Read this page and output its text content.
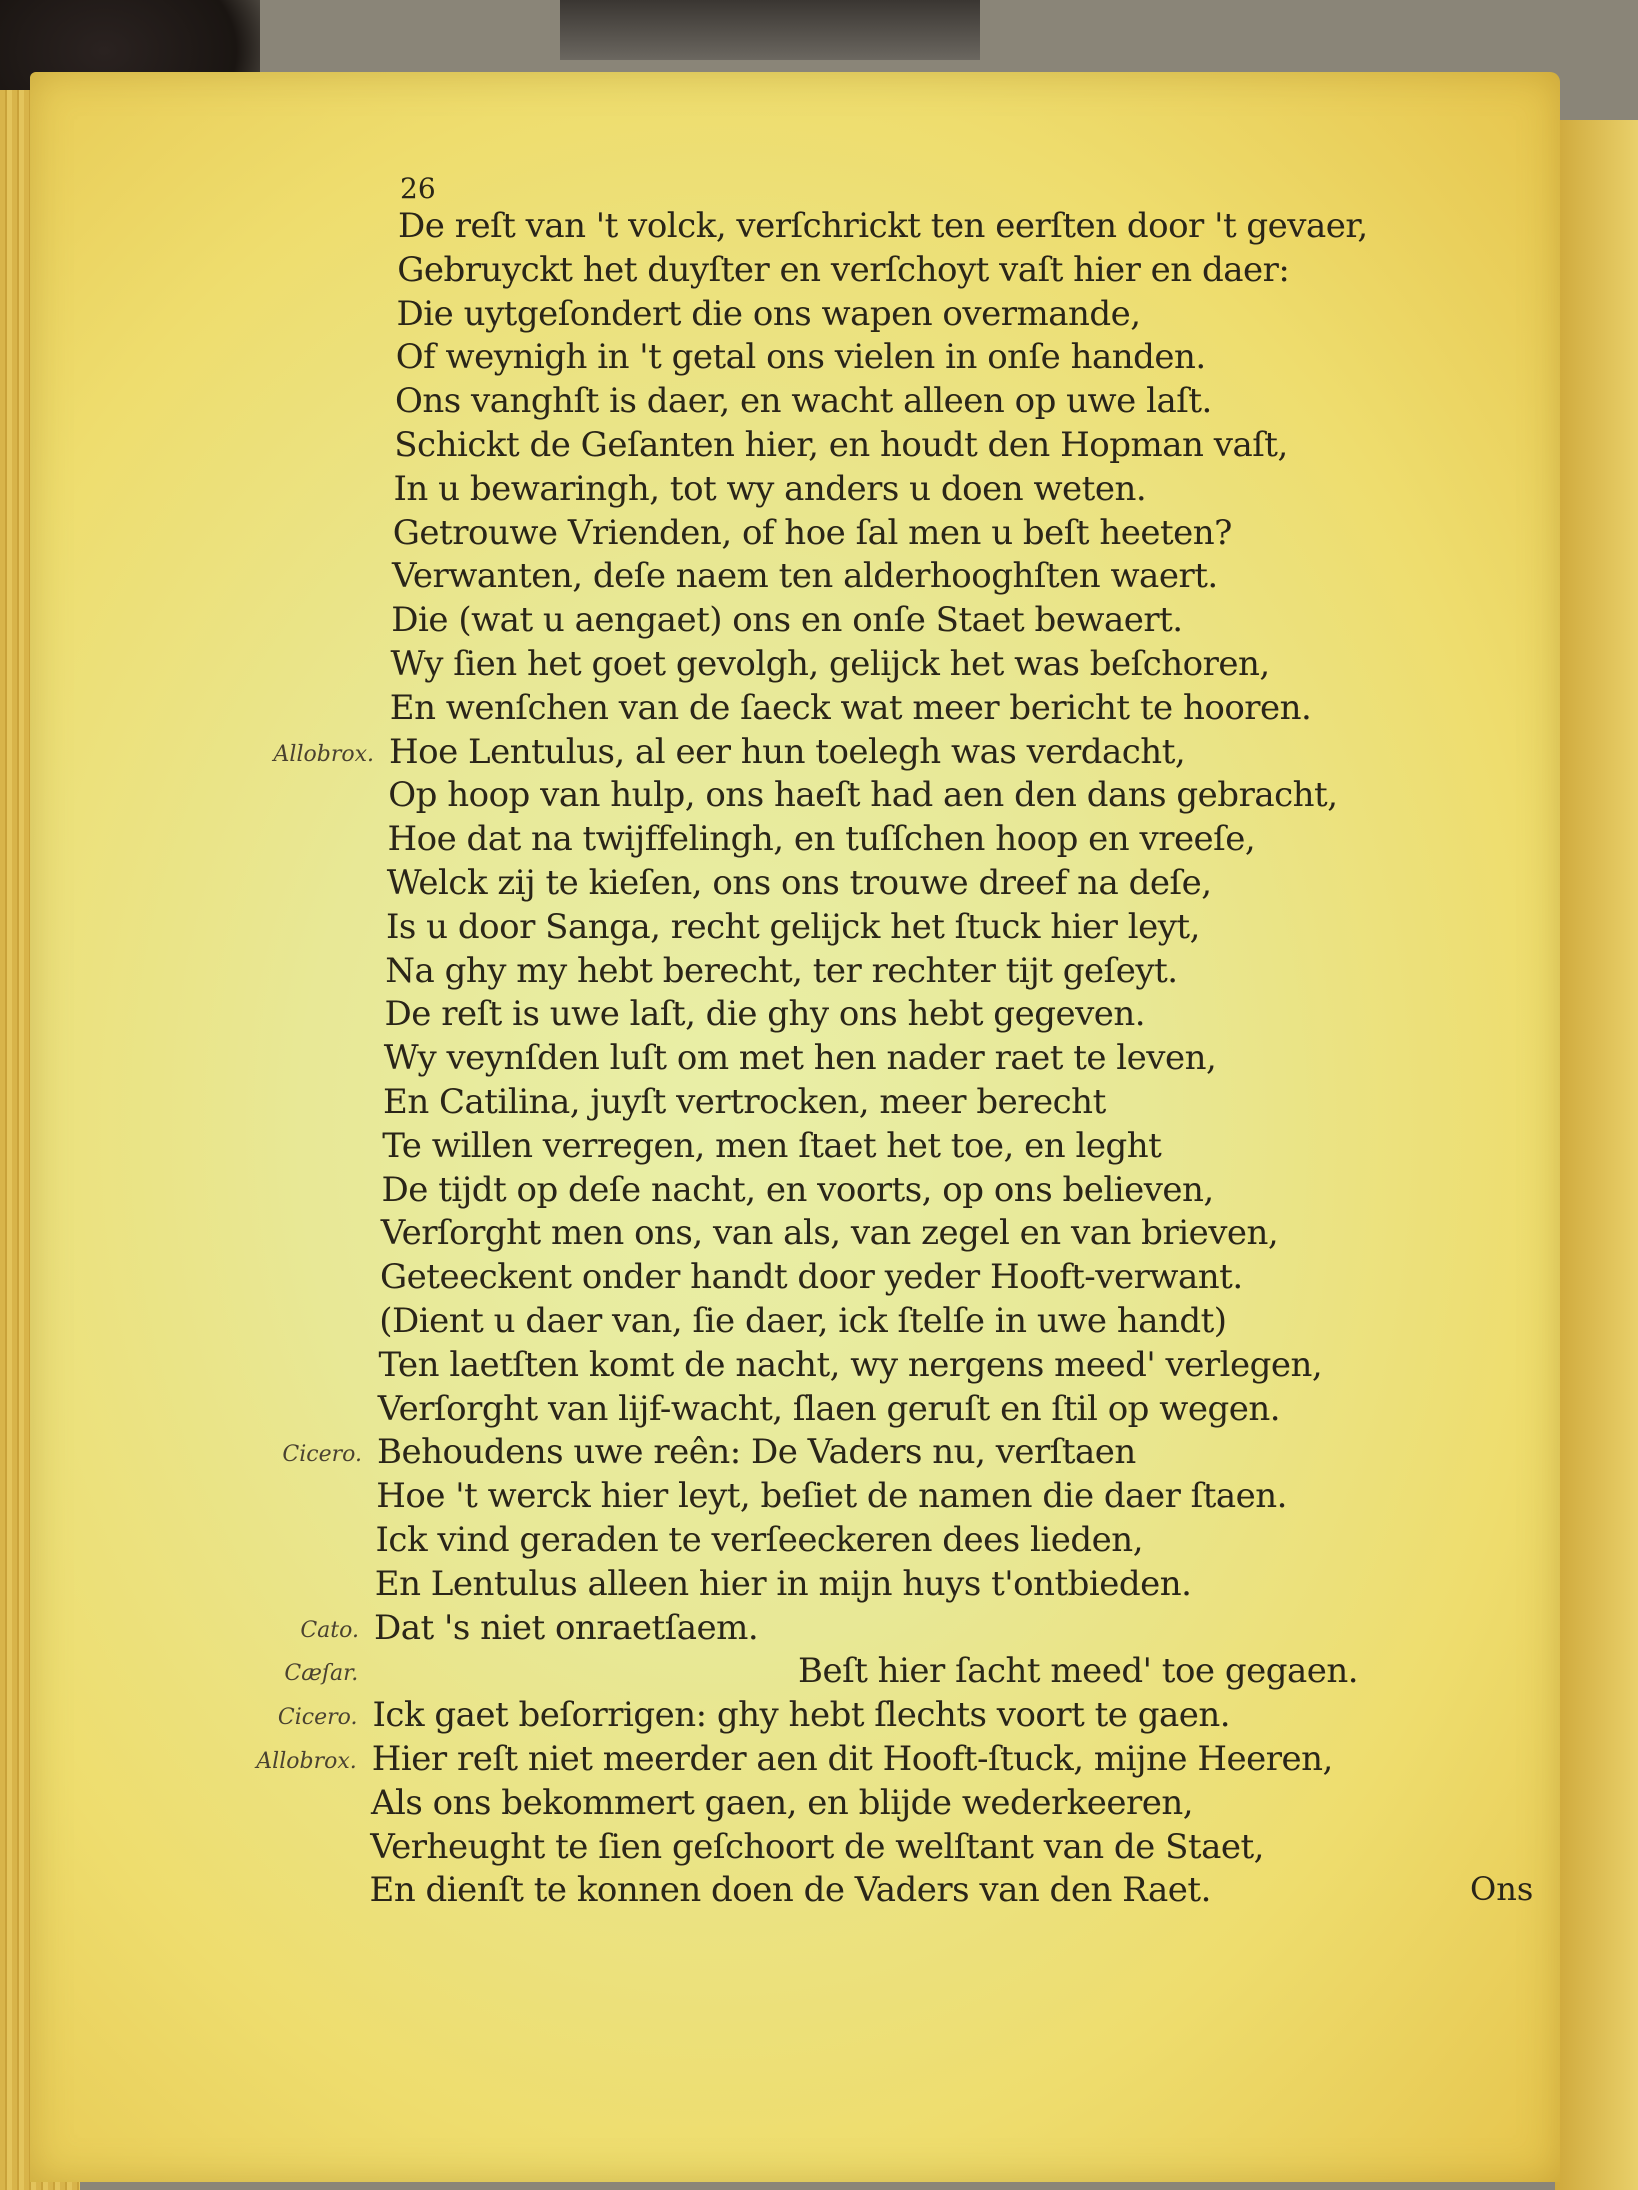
26
De reſt van 't volck, verſchrickt ten eerſten door 't gevaer,
Gebruyckt het duyſter en verſchoyt vaſt hier en daer:
Die uytgeſondert die ons wapen overmande,
Of weynigh in 't getal ons vielen in onſe handen.
Ons vanghſt is daer, en wacht alleen op uwe laſt.
Schickt de Geſanten hier, en houdt den Hopman vaſt,
In u bewaringh, tot wy anders u doen weten.
Getrouwe Vrienden, of hoe ſal men u beſt heeten?
Verwanten, deſe naem ten alderhooghſten waert.
Die (wat u aengaet) ons en onſe Staet bewaert.
Wy ſien het goet gevolgh, gelijck het was beſchoren,
En wenſchen van de ſaeck wat meer bericht te hooren.
Hoe Lentulus, al eer hun toelegh was verdacht,
Allobrox.
Op hoop van hulp, ons haeſt had aen den dans gebracht,
Hoe dat na twijffelingh, en tuſſchen hoop en vreeſe,
Welck zij te kieſen, ons ons trouwe dreef na deſe,
Is u door Sanga, recht gelijck het ſtuck hier leyt,
Na ghy my hebt berecht, ter rechter tijt geſeyt.
De reſt is uwe laſt, die ghy ons hebt gegeven.
Wy veynſden luſt om met hen nader raet te leven,
En Catilina, juyſt vertrocken, meer berecht
Te willen verregen, men ſtaet het toe, en leght
De tijdt op deſe nacht, en voorts, op ons believen,
Verſorght men ons, van als, van zegel en van brieven,
Geteeckent onder handt door yeder Hooft-verwant.
(Dient u daer van, ſie daer, ick ſtelſe in uwe handt)
Ten laetſten komt de nacht, wy nergens meed' verlegen,
Verſorght van lijf-wacht, ſlaen geruſt en ſtil op wegen.
Behoudens uwe reên: De Vaders nu, verſtaen
Cicero.
Hoe 't werck hier leyt, beſiet de namen die daer ſtaen.
Ick vind geraden te verſeeckeren dees lieden,
En Lentulus alleen hier in mijn huys t'ontbieden.
Dat 's niet onraetſaem.
Cato.
Beſt hier ſacht meed' toe gegaen.
Cæſar.
Ick gaet beſorrigen: ghy hebt ſlechts voort te gaen.
Cicero.
Hier reſt niet meerder aen dit Hooft-ſtuck, mijne Heeren,
Allobrox.
Als ons bekommert gaen, en blijde wederkeeren,
Verheught te ſien geſchoort de welſtant van de Staet,
En dienſt te konnen doen de Vaders van den Raet.	Ons
